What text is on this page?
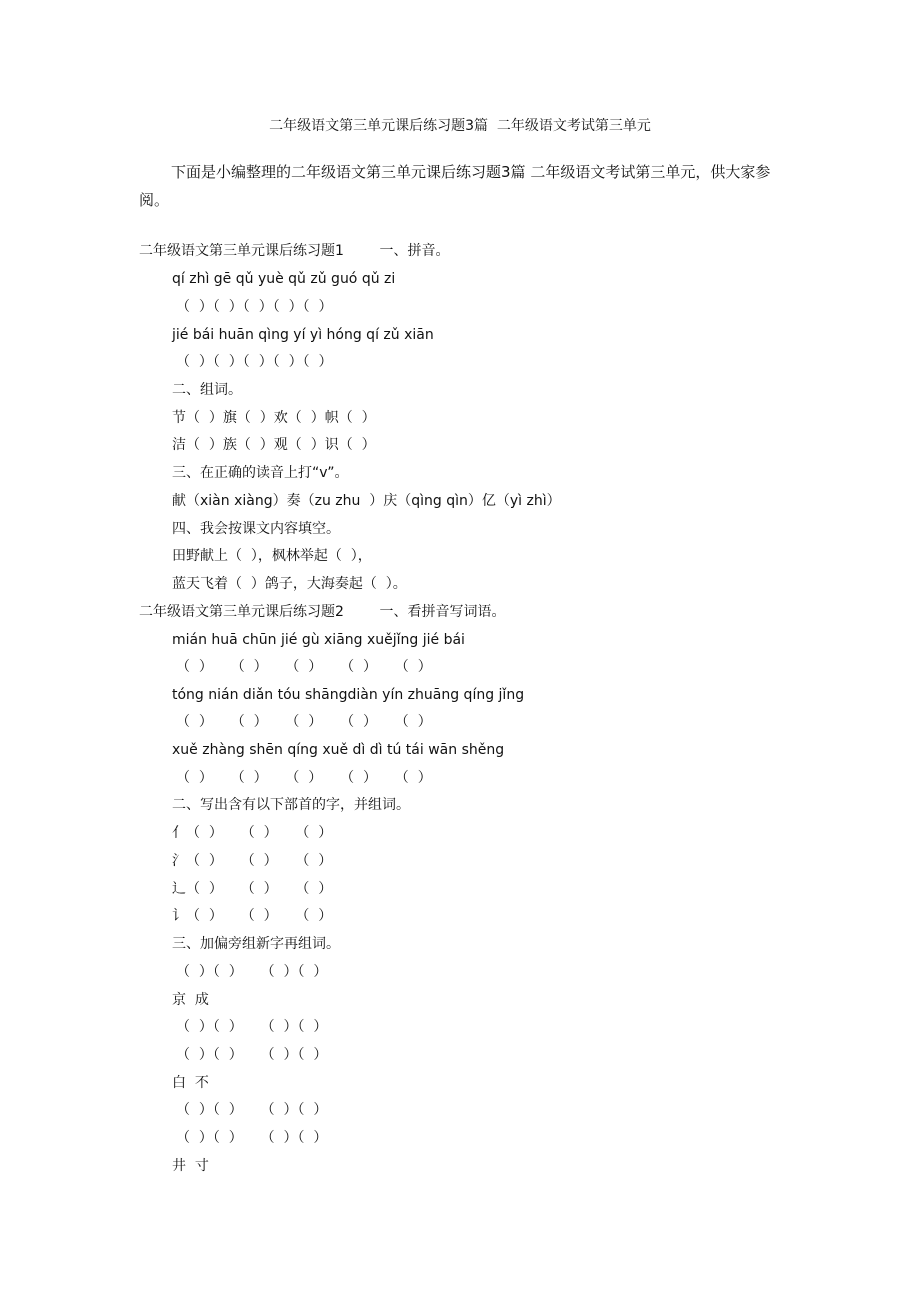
二年级语文第三单元课后练习题3篇  二年级语文考试第三单元
下面是小编整理的二年级语文第三单元课后练习题3篇 二年级语文考试第三单元，供大家参阅。
二年级语文第三单元课后练习题1        一、拼音。
qí zhì gē qǔ yuè qǔ zǔ guó qǔ zi
（  ）（  ）（  ）（  ）（  ）
jié bái huān qìng yí yì hóng qí zǔ xiān
（  ）（  ）（  ）（  ）（  ）
二、组词。
节（  ）旗（  ）欢（  ）帜（  ）
洁（  ）族（  ）观（  ）识（  ）
三、在正确的读音上打“v”。
献（xiàn xiàng）奏（zu zhu  ）庆（qìng qìn）亿（yì zhì）
四、我会按课文内容填空。
田野献上（  ），枫林举起（  ），
蓝天飞着（  ）鸽子，大海奏起（  ）。
二年级语文第三单元课后练习题2        一、看拼音写词语。
mián huā chūn jié gù xiāng xuějǐng jié bái
（  ）    （  ）    （  ）    （  ）    （  ）
tóng nián diǎn tóu shāngdiàn yín zhuāng qíng jǐng
（  ）    （  ）    （  ）    （  ）    （  ）
xuě zhàng shēn qíng xuě dì dì tú tái wān shěng
（  ）    （  ）    （  ）    （  ）    （  ）
二、写出含有以下部首的字，并组词。
亻（  ）    （  ）    （  ）
氵（  ）    （  ）    （  ）
辶（  ）    （  ）    （  ）
讠（  ）    （  ）    （  ）
三、加偏旁组新字再组词。
（  ）（  ）    （  ）（  ）
京  成
（  ）（  ）    （  ）（  ）
（  ）（  ）    （  ）（  ）
白  不
（  ）（  ）    （  ）（  ）
（  ）（  ）    （  ）（  ）
井  寸
